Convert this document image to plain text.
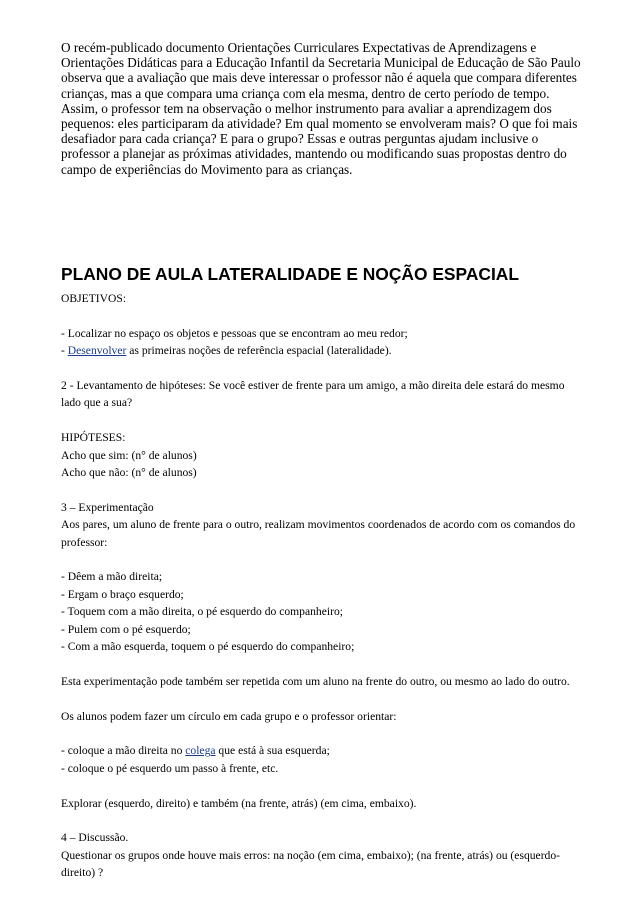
O recém-publicado documento Orientações Curriculares Expectativas de Aprendizagens e Orientações Didáticas para a Educação Infantil da Secretaria Municipal de Educação de São Paulo observa que a avaliação que mais deve interessar o professor não é aquela que compara diferentes crianças, mas a que compara uma criança com ela mesma, dentro de certo período de tempo. Assim, o professor tem na observação o melhor instrumento para avaliar a aprendizagem dos pequenos: eles participaram da atividade? Em qual momento se envolveram mais? O que foi mais desafiador para cada criança? E para o grupo? Essas e outras perguntas ajudam inclusive o professor a planejar as próximas atividades, mantendo ou modificando suas propostas dentro do campo de experiências do Movimento para as crianças.

PLANO DE AULA LATERALIDADE E NOÇÃO ESPACIAL

OBJETIVOS:

- Localizar no espaço os objetos e pessoas que se encontram ao meu redor;
- Desenvolver as primeiras noções de referência espacial (lateralidade).

2 - Levantamento de hipóteses: Se você estiver de frente para um amigo, a mão direita dele estará do mesmo lado que a sua?

HIPÓTESES:
Acho que sim: (n° de alunos)
Acho que não: (n° de alunos)

3 – Experimentação
Aos pares, um aluno de frente para o outro, realizam movimentos coordenados de acordo com os comandos do professor:

- Dêem a mão direita;
- Ergam o braço esquerdo;
- Toquem com a mão direita, o pé esquerdo do companheiro;
- Pulem com o pé esquerdo;
- Com a mão esquerda, toquem o pé esquerdo do companheiro;

Esta experimentação pode também ser repetida com um aluno na frente do outro, ou mesmo ao lado do outro.

Os alunos podem fazer um círculo em cada grupo e o professor orientar:

- coloque a mão direita no colega que está à sua esquerda;
- coloque o pé esquerdo um passo à frente, etc.

Explorar (esquerdo, direito) e também (na frente, atrás) (em cima, embaixo).

4 – Discussão.
Questionar os grupos onde houve mais erros: na noção (em cima, embaixo); (na frente, atrás) ou (esquerdo-direito) ?
